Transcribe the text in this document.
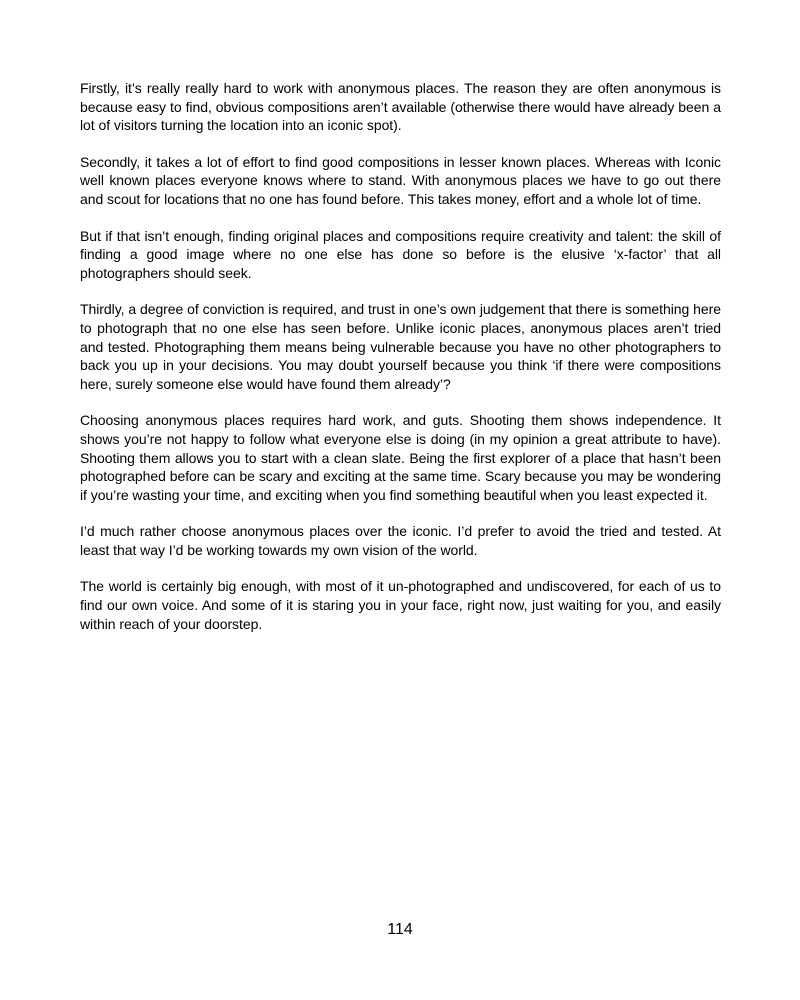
Firstly, it’s really really hard to work with anonymous places. The reason they are often anonymous is because easy to find, obvious compositions aren’t available (otherwise there would have already been a lot of visitors turning the location into an iconic spot).

Secondly, it takes a lot of effort to find good compositions in lesser known places. Whereas with Iconic well known places everyone knows where to stand. With anonymous places we have to go out there and scout for locations that no one has found before. This takes money, effort and a whole lot of time.

But if that isn’t enough, finding original places and compositions require creativity and talent: the skill of finding a good image where no one else has done so before is the elusive ‘x-factor’ that all photographers should seek.

Thirdly, a degree of conviction is required, and trust in one’s own judgement that there is something here to photograph that no one else has seen before. Unlike iconic places, anonymous places aren’t tried and tested. Photographing them means being vulnerable because you have no other photographers to back you up in your decisions. You may doubt yourself because you think ‘if there were compositions here, surely someone else would have found them already’?

Choosing anonymous places requires hard work, and guts. Shooting them shows independence. It shows you’re not happy to follow what everyone else is doing (in my opinion a great attribute to have). Shooting them allows you to start with a clean slate. Being the first explorer of a place that hasn’t been photographed before can be scary and exciting at the same time. Scary because you may be wondering if you’re wasting your time, and exciting when you find something beautiful when you least expected it.

I’d much rather choose anonymous places over the iconic. I’d prefer to avoid the tried and tested. At least that way I’d be working towards my own vision of the world.

The world is certainly big enough, with most of it un-photographed and undiscovered, for each of us to find our own voice. And some of it is staring you in your face, right now, just waiting for you, and easily within reach of your doorstep.

114
